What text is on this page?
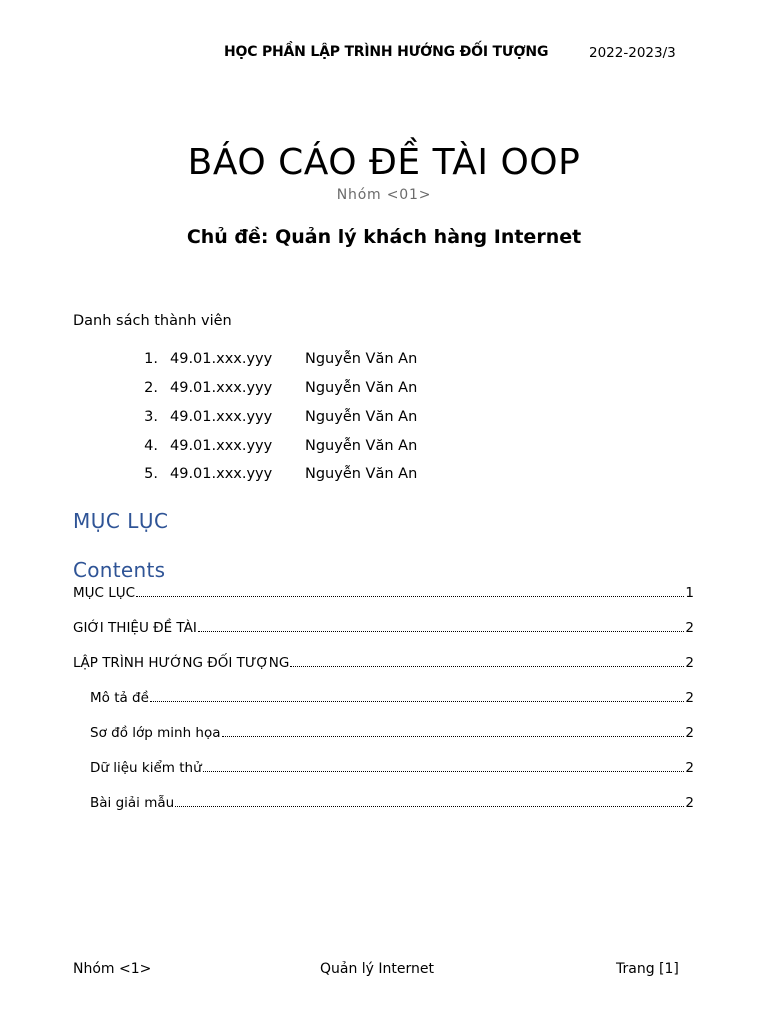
HỌC PHẦN LẬP TRÌNH HƯỚNG ĐỐI TƯỢNG	2022-2023/3
BÁO CÁO ĐỀ TÀI OOP
Nhóm <01>
Chủ đề: Quản lý khách hàng Internet
Danh sách thành viên
1. 49.01.xxx.yyy Nguyễn Văn An
2. 49.01.xxx.yyy Nguyễn Văn An
3. 49.01.xxx.yyy Nguyễn Văn An
4. 49.01.xxx.yyy Nguyễn Văn An
5. 49.01.xxx.yyy Nguyễn Văn An
MỤC LỤC
Contents
MỤC LỤC	1
GIỚI THIỆU ĐỀ TÀI	2
LẬP TRÌNH HƯỚNG ĐỐI TƯỢNG	2
Mô tả đề	2
Sơ đồ lớp minh họa	2
Dữ liệu kiểm thử	2
Bài giải mẫu	2
Nhóm <1>	Quản lý Internet	Trang [1]
